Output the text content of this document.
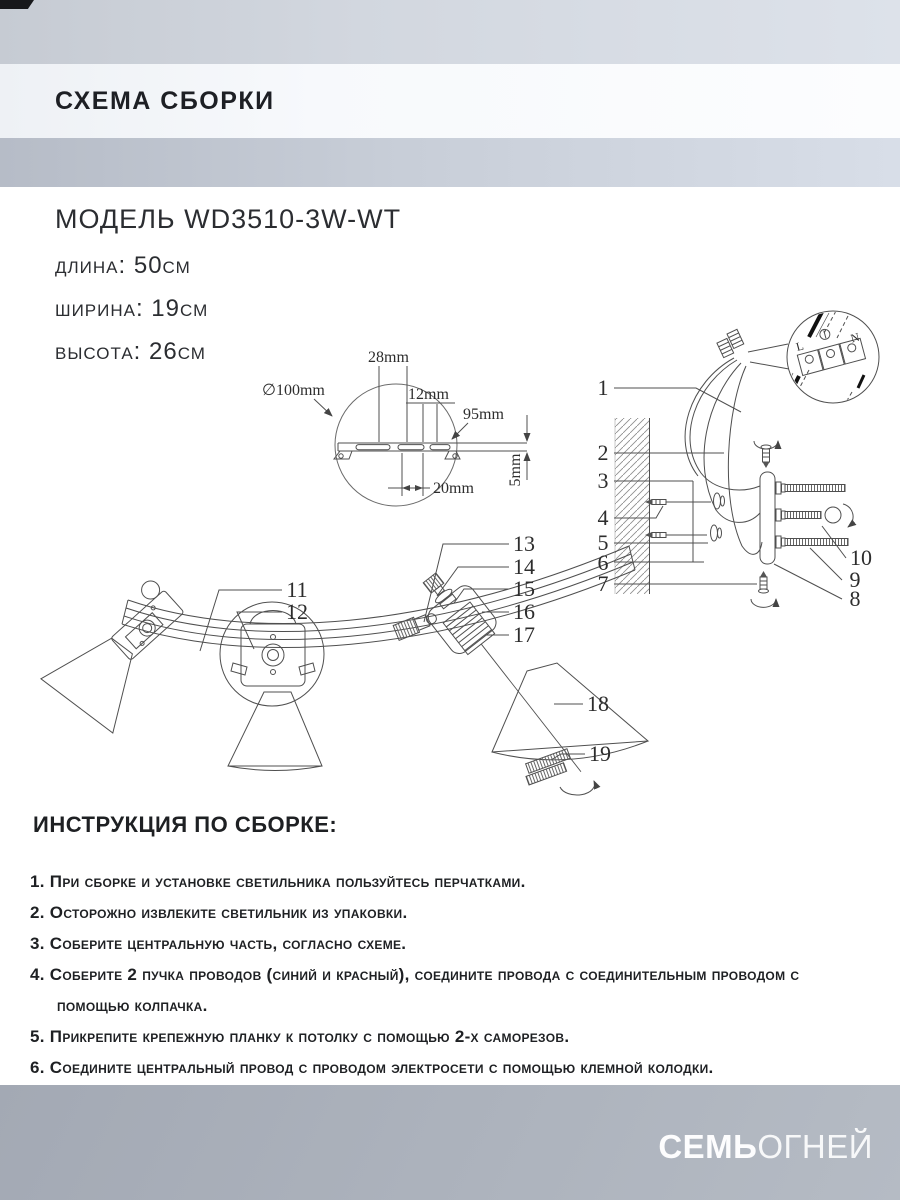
СХЕМА СБОРКИ
МОДЕЛЬ WD3510-3W-WT
длина: 50см
ширина: 19см
высота: 26см	28mm
12mm
∅100mm
95mm
20mm
5mm
L
N
1
2
3
4
5
6
7
8
9
10
11
12
13
14
15
16
17
18
19
ИНСТРУКЦИЯ ПО СБОРКЕ:
1. При сборке и установке светильника пользуйтесь перчатками.
2. Осторожно извлеките светильник из упаковки.
3. Соберите центральную часть, согласно схеме.
4. Соберите 2 пучка проводов (синий и красный), соедините провода с соединительным проводом с помощью колпачка.
5. Прикрепите крепежную планку к потолку с помощью 2-х саморезов.
6. Соедините центральный провод с проводом электросети с помощью клемной колодки.
СЕМЬОГНЕЙ
